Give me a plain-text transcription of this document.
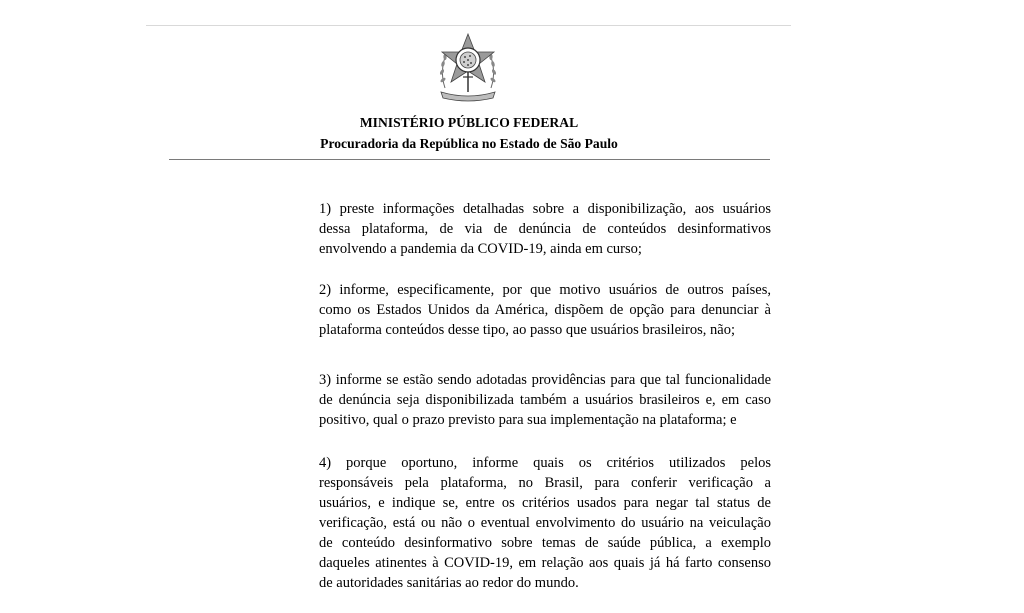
MINISTÉRIO PÚBLICO FEDERAL
Procuradoria da República no Estado de São Paulo

1) preste informações detalhadas sobre a disponibilização, aos usuários
dessa plataforma, de via de denúncia de conteúdos desinformativos
envolvendo a pandemia da COVID-19, ainda em curso;

2) informe, especificamente, por que motivo usuários de outros países,
como os Estados Unidos da América, dispõem de opção para denunciar à
plataforma conteúdos desse tipo, ao passo que usuários brasileiros, não;

3) informe se estão sendo adotadas providências para que tal funcionalidade
de denúncia seja disponibilizada também a usuários brasileiros e, em caso
positivo, qual o prazo previsto para sua implementação na plataforma; e

4) porque oportuno, informe quais os critérios utilizados pelos
responsáveis pela plataforma, no Brasil, para conferir verificação a
usuários, e indique se, entre os critérios usados para negar tal status de
verificação, está ou não o eventual envolvimento do usuário na veiculação
de conteúdo desinformativo sobre temas de saúde pública, a exemplo
daqueles atinentes à COVID-19, em relação aos quais já há farto consenso
de autoridades sanitárias ao redor do mundo.
